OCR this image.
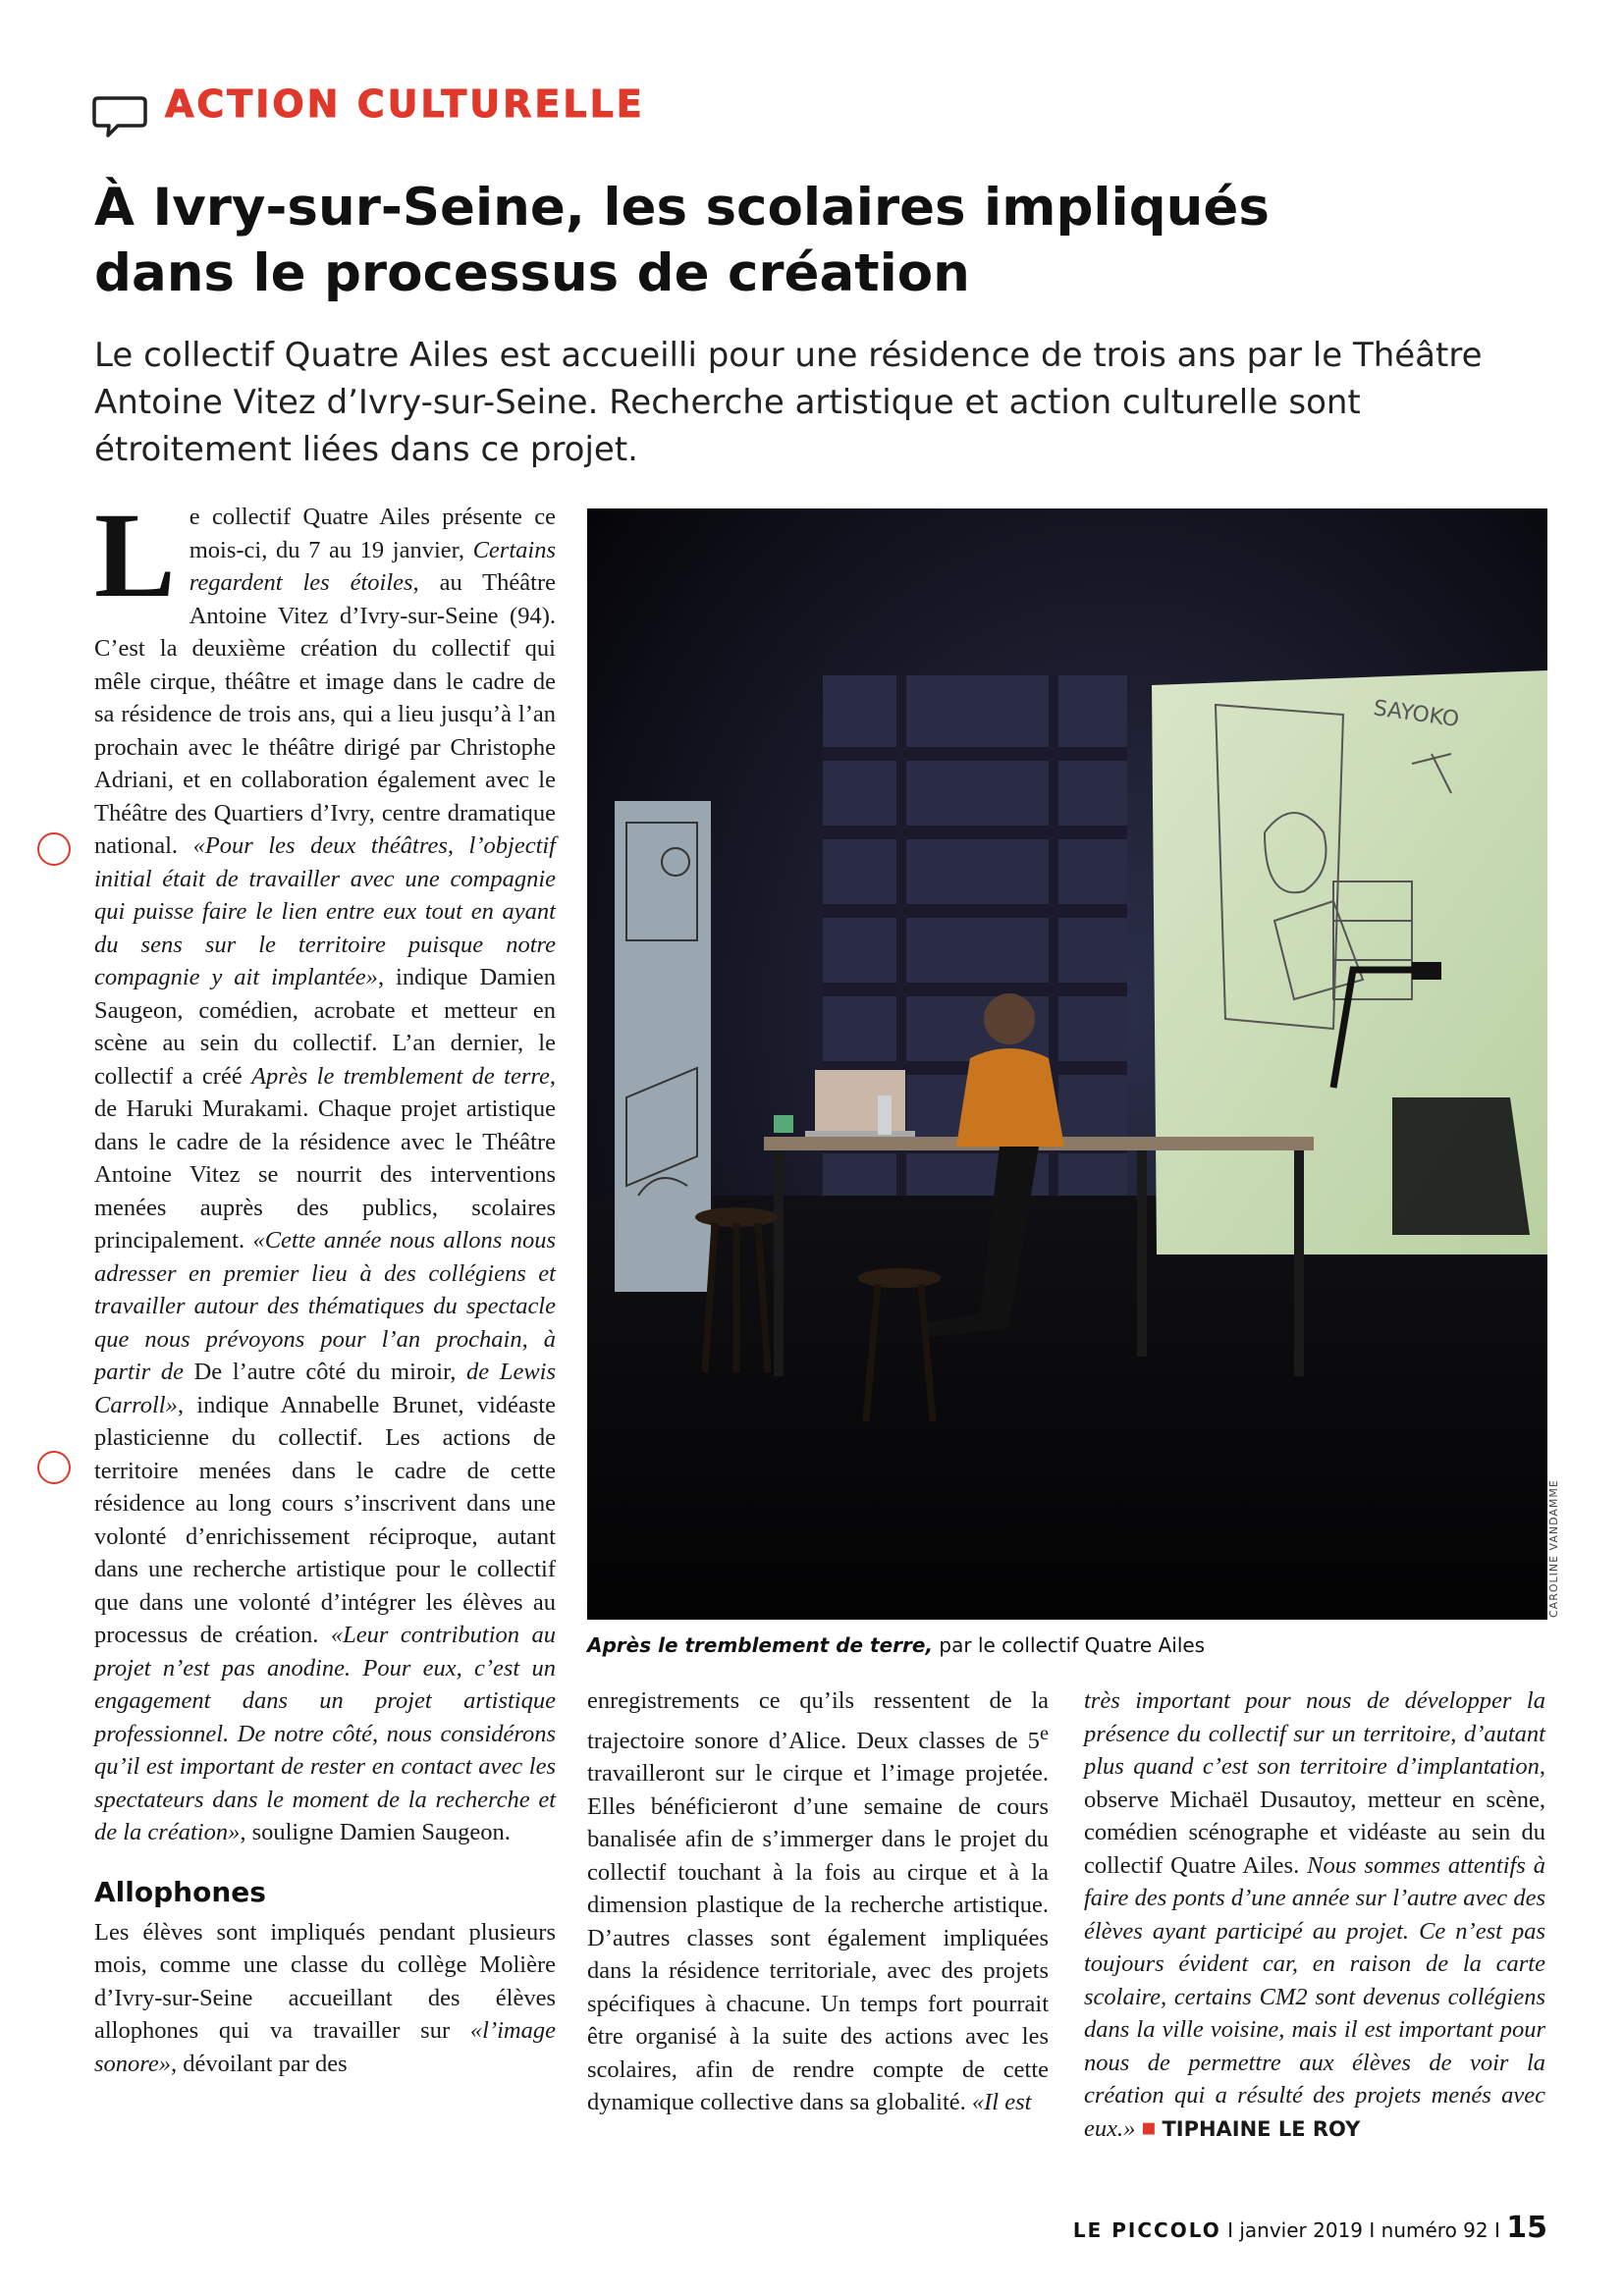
ACTION CULTURELLE
À Ivry-sur-Seine, les scolaires impliqués
dans le processus de création

Le collectif Quatre Ailes est accueilli pour une résidence de trois ans par le Théâtre Antoine Vitez d’Ivry-sur-Seine. Recherche artistique et action culturelle sont étroitement liées dans ce projet.

Le collectif Quatre Ailes présente ce mois-ci, du 7 au 19 janvier, Certains regardent les étoiles, au Théâtre Antoine Vitez d’Ivry-sur-Seine (94). C’est la deuxième création du collectif qui mêle cirque, théâtre et image dans le cadre de sa résidence de trois ans, qui a lieu jusqu’à l’an prochain avec le théâtre dirigé par Christophe Adriani, et en collaboration également avec le Théâtre des Quartiers d’Ivry, centre dramatique national. «Pour les deux théâtres, l’objectif initial était de travailler avec une compagnie qui puisse faire le lien entre eux tout en ayant du sens sur le territoire puisque notre compagnie y ait implantée», indique Damien Saugeon, comédien, acrobate et metteur en scène au sein du collectif. L’an dernier, le collectif a créé Après le tremblement de terre, de Haruki Murakami. Chaque projet artistique dans le cadre de la résidence avec le Théâtre Antoine Vitez se nourrit des interventions menées auprès des publics, scolaires principalement. «Cette année nous allons nous adresser en premier lieu à des collégiens et travailler autour des thématiques du spectacle que nous prévoyons pour l’an prochain, à partir de De l’autre côté du miroir, de Lewis Carroll», indique Annabelle Brunet, vidéaste plasticienne du collectif. Les actions de territoire menées dans le cadre de cette résidence au long cours s’inscrivent dans une volonté d’enrichissement réciproque, autant dans une recherche artistique pour le collectif que dans une volonté d’intégrer les élèves au processus de création. «Leur contribution au projet n’est pas anodine. Pour eux, c’est un engagement dans un projet artistique professionnel. De notre côté, nous considérons qu’il est important de rester en contact avec les spectateurs dans le moment de la recherche et de la création», souligne Damien Saugeon.

Allophones

Les élèves sont impliqués pendant plusieurs mois, comme une classe du collège Molière d’Ivry-sur-Seine accueillant des élèves allophones qui va travailler sur «l’image sonore», dévoilant par des

SAYOKO
CAROLINE VANDAMME
Après le tremblement de terre, par le collectif Quatre Ailes

enregistrements ce qu’ils ressentent de la trajectoire sonore d’Alice. Deux classes de 5e travailleront sur le cirque et l’image projetée. Elles bénéficieront d’une semaine de cours banalisée afin de s’immerger dans le projet du collectif touchant à la fois au cirque et à la dimension plastique de la recherche artistique. D’autres classes sont également impliquées dans la résidence territoriale, avec des projets spécifiques à chacune. Un temps fort pourrait être organisé à la suite des actions avec les scolaires, afin de rendre compte de cette dynamique collective dans sa globalité. «Il est

très important pour nous de développer la présence du collectif sur un territoire, d’autant plus quand c’est son territoire d’implantation, observe Michaël Dusautoy, metteur en scène, comédien scénographe et vidéaste au sein du collectif Quatre Ailes. Nous sommes attentifs à faire des ponts d’une année sur l’autre avec des élèves ayant participé au projet. Ce n’est pas toujours évident car, en raison de la carte scolaire, certains CM2 sont devenus collégiens dans la ville voisine, mais il est important pour nous de permettre aux élèves de voir la création qui a résulté des projets menés avec eux.» ■ TIPHAINE LE ROY

LE PICCOLO I janvier 2019 I numéro 92 I 15
